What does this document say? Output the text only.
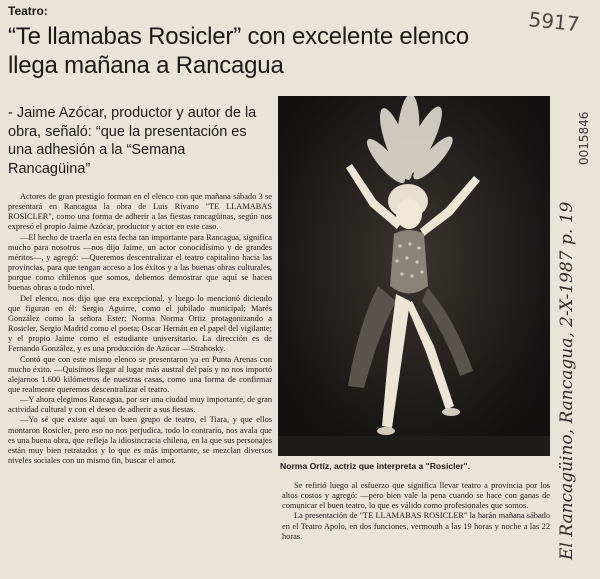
Teatro:
“Te llamabas Rosicler” con excelente elenco llega mañana a Rancagua
- Jaime Azócar, productor y autor de la obra, señaló: “que la presentación es una adhesión a la “Semana Rancagüina”

Actores de gran prestigio forman en el elenco con que mañana sábado 3 se presentará en Rancagua la obra de Luis Rivano "TE LLAMABAS ROSICLER", como una forma de adherir a las fiestas rancagüinas, según nos expresó el propio Jaime Azócar, productor y actor en este caso.

—El hecho de traerla en esta fecha tan importante para Rancagua, significa mucho para nosotros —nos dijo Jaime, un actor conocidísimo y de grandes méritos—, y agregó: —Queremos descentralizar el teatro capitalino hacia las provincias, para que tengan acceso a los éxitos y a las buenas obras culturales, porque como chilenos que somos, debemos demostrar que aquí se hacen buenas obras a todo nivel.

Del elenco, nos dijo que era excepcional, y luego lo mencionó diciendo que figuran en él: Sergio Aguirre, como el jubilado municipal; Marés González como la señora Ester; Norma Norma Ortiz protagonizando a Rosicler, Sergio Madrid como el poeta; Oscar Hernán en el papel del vigilante; y el propio Jaime como el estudiante universitario. La dirección es de Fernando González, y es una producción de Azócar —Strahosky.

Contó que con este mismo elenco se presentaron ya en Punta Arenas con mucho éxito. —Quisimos llegar al lugar más austral del país y no nos importó alejarnos 1.600 kilómetros de nuestras casas, como una forma de confirmar que realmente queremos descentralizar el teatro.

—Y ahora elegimos Rancagua, por ser una ciudad muy importante, de gran actividad cultural y con el deseo de adherir a sus fiestas.

—Yo sé que existe aquí un buen grupo de teatro, el Tiara, y que ellos montaron Rosicler, pero eso no nos perjudica, todo lo contrario, nos avala que es una buena obra, que refleja la idiosincracia chilena, en la que sus personajes están muy bien retratados y lo que es más importante, se mezclan diversos niveles sociales con un mismo fin, buscar el amor.

Norma Ortíz, actriz que interpreta a "Rosicler".

Se refirió luego al esfuerzo que significa llevar teatro a provincia por los altos costos y agregó: —pero bien vale la pena cuando se hace con ganas de comunicar el buen teatro, lo que es válido como profesionales que somos.

La presentación de "TE LLAMABAS ROSICLER" la harán mañana sábado en el Teatro Apolo, en dos funciones, vermouth a las 19 horas y noche a las 22 horas.

5917
El Rancagüino, Rancagua, 2-X-1987 p. 19
0015846
